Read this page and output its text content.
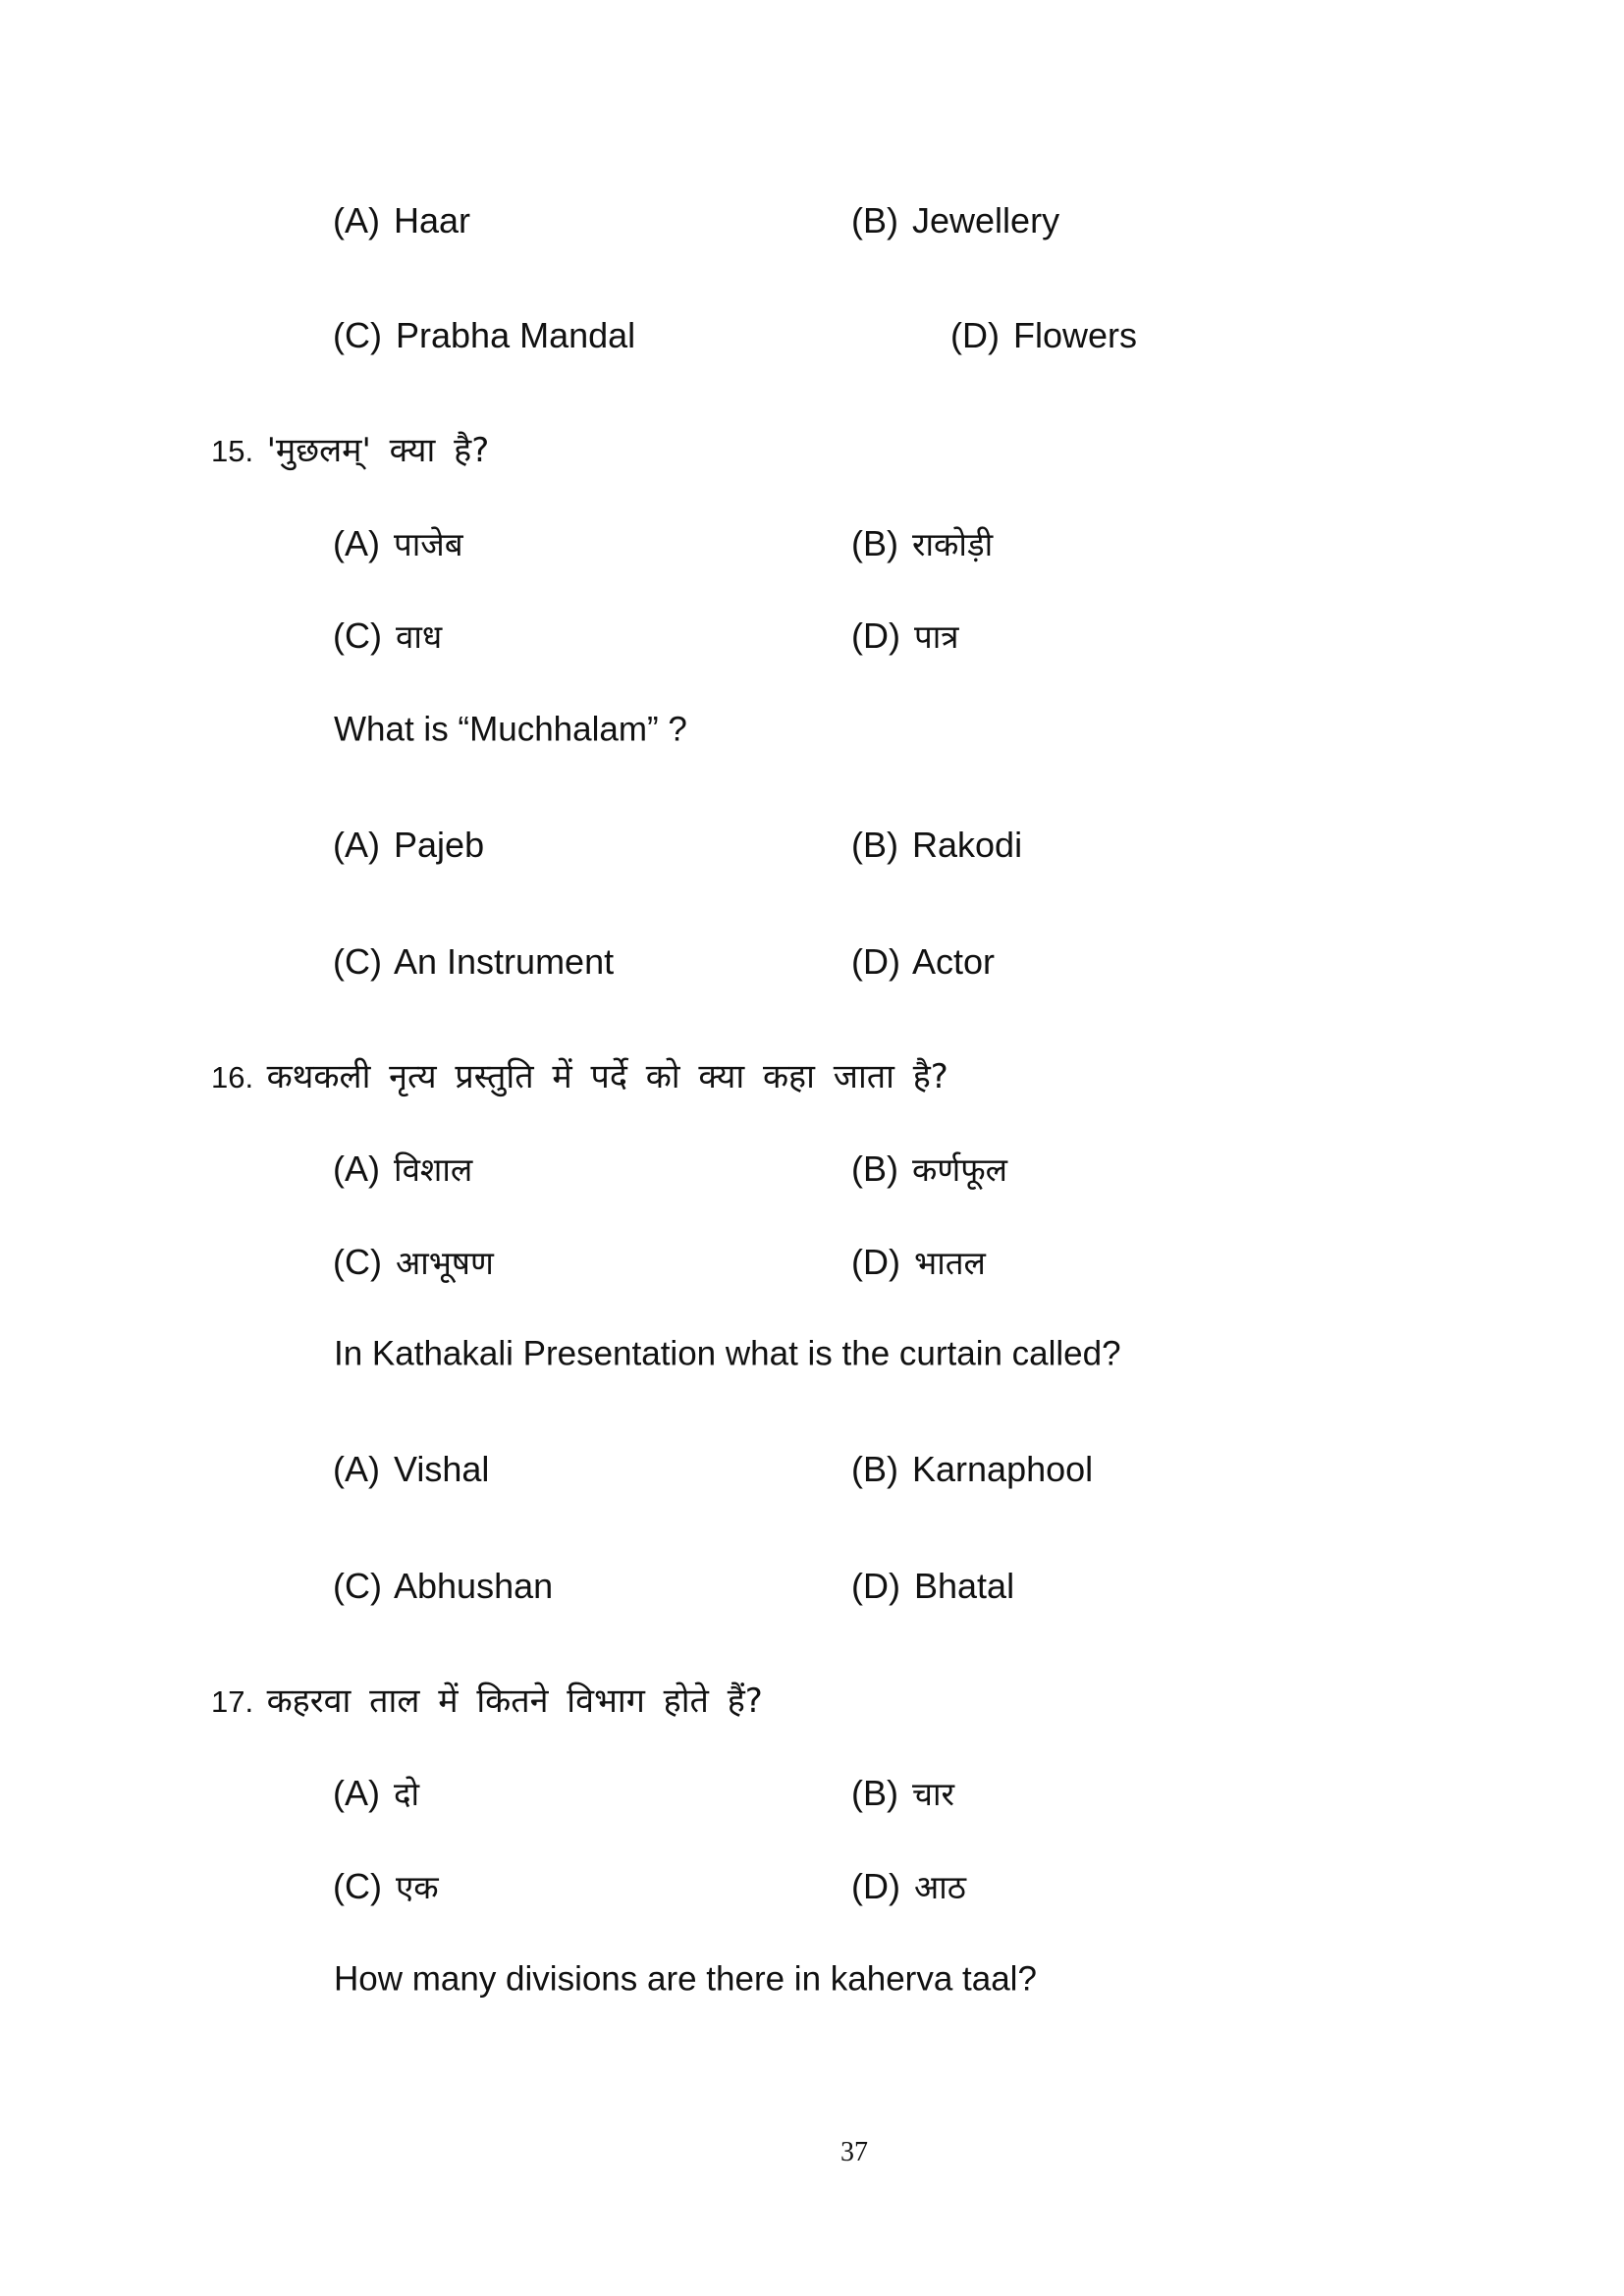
(A) Haar	(B) Jewellery
(C) Prabha Mandal	(D) Flowers
15. 'मुछलम्' क्या है?
(A) पाजेब	(B) राकोड़ी
(C) वाध	(D) पात्र
What is “Muchhalam” ?
(A) Pajeb	(B) Rakodi
(C) An Instrument	(D) Actor
16. कथकली नृत्य प्रस्तुति में पर्दे को क्या कहा जाता है?
(A) विशाल	(B) कर्णफूल
(C) आभूषण	(D) भातल
In Kathakali Presentation what is the curtain called?
(A) Vishal	(B) Karnaphool
(C) Abhushan	(D) Bhatal
17. कहरवा ताल में कितने विभाग होते हैं?
(A) दो	(B) चार
(C) एक	(D) आठ
How many divisions are there in kaherva taal?
37
